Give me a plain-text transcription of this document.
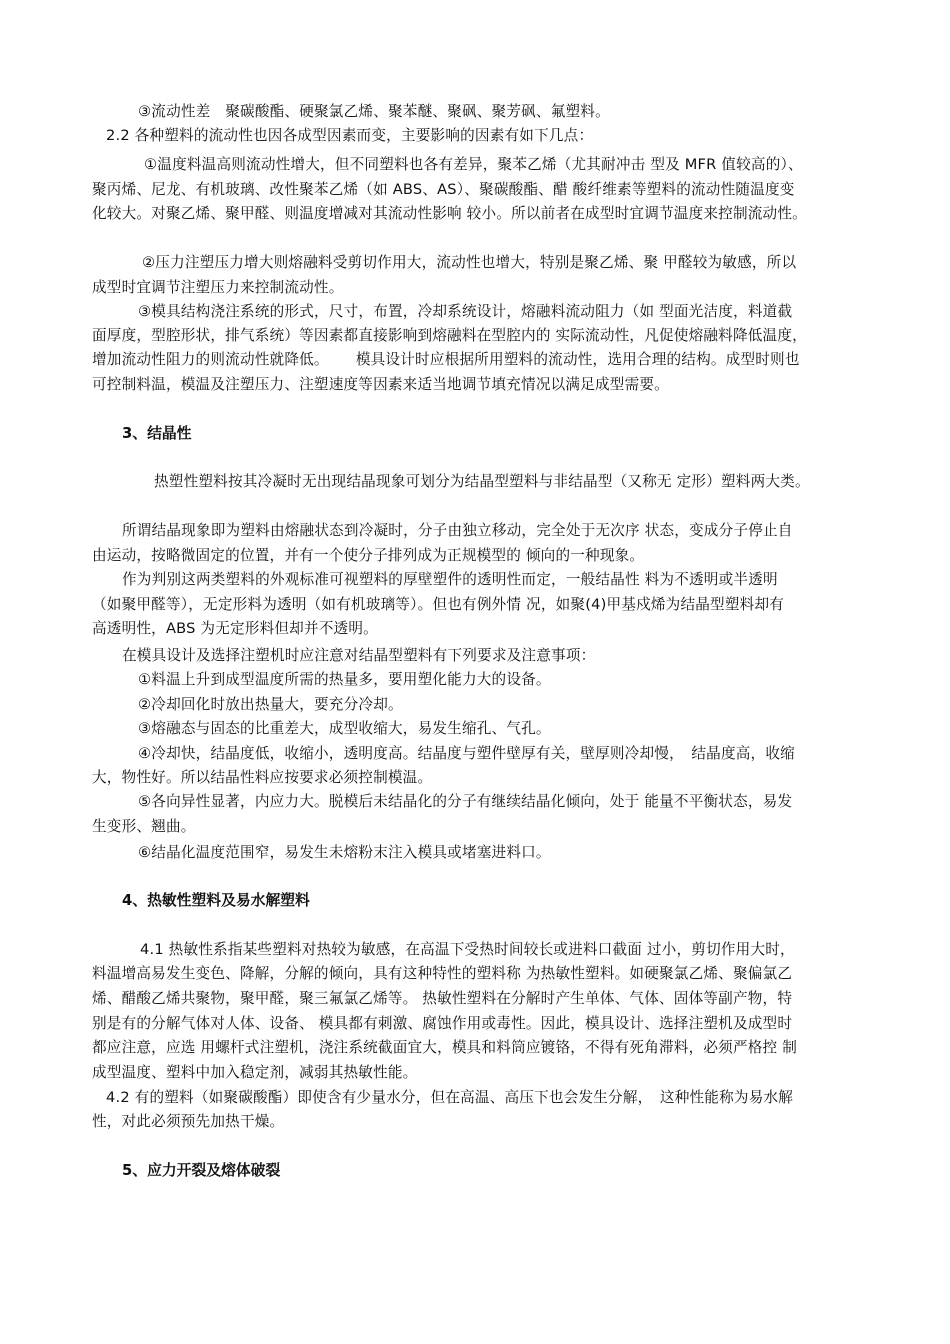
③流动性差　聚碳酸酯、硬聚氯乙烯、聚苯醚、聚砜、聚芳砜、氟塑料。
2.2 各种塑料的流动性也因各成型因素而变，主要影响的因素有如下几点：
①温度料温高则流动性增大，但不同塑料也各有差异，聚苯乙烯（尤其耐冲击 型及 MFR 值较高的）、
聚丙烯、尼龙、有机玻璃、改性聚苯乙烯（如 ABS、AS）、聚碳酸酯、醋 酸纤维素等塑料的流动性随温度变
化较大。对聚乙烯、聚甲醛、则温度增减对其流动性影响 较小。所以前者在成型时宜调节温度来控制流动性。
②压力注塑压力增大则熔融料受剪切作用大，流动性也增大，特别是聚乙烯、聚 甲醛较为敏感，所以
成型时宜调节注塑压力来控制流动性。
③模具结构浇注系统的形式，尺寸，布置，冷却系统设计，熔融料流动阻力（如 型面光洁度，料道截
面厚度，型腔形状，排气系统）等因素都直接影响到熔融料在型腔内的 实际流动性，凡促使熔融料降低温度，
增加流动性阻力的则流动性就降低。　　 模具设计时应根据所用塑料的流动性，选用合理的结构。成型时则也
可控制料温，模温及注塑压力、注塑速度等因素来适当地调节填充情况以满足成型需要。
3、结晶性
热塑性塑料按其冷凝时无出现结晶现象可划分为结晶型塑料与非结晶型（又称无 定形）塑料两大类。
所谓结晶现象即为塑料由熔融状态到冷凝时，分子由独立移动，完全处于无次序 状态，变成分子停止自
由运动，按略微固定的位置，并有一个使分子排列成为正规模型的 倾向的一种现象。
作为判别这两类塑料的外观标准可视塑料的厚壁塑件的透明性而定，一般结晶性 料为不透明或半透明
（如聚甲醛等），无定形料为透明（如有机玻璃等）。但也有例外情 况，如聚(4)甲基戍烯为结晶型塑料却有
高透明性，ABS 为无定形料但却并不透明。
在模具设计及选择注塑机时应注意对结晶型塑料有下列要求及注意事项：
①料温上升到成型温度所需的热量多，要用塑化能力大的设备。
②冷却回化时放出热量大，要充分冷却。
③熔融态与固态的比重差大，成型收缩大，易发生缩孔、气孔。
④冷却快，结晶度低，收缩小，透明度高。结晶度与塑件壁厚有关，壁厚则冷却慢，　结晶度高，收缩
大，物性好。所以结晶性料应按要求必须控制模温。
⑤各向异性显著，内应力大。脱模后未结晶化的分子有继续结晶化倾向，处于 能量不平衡状态，易发
生变形、翘曲。
⑥结晶化温度范围窄，易发生未熔粉末注入模具或堵塞进料口。
4、热敏性塑料及易水解塑料
4.1 热敏性系指某些塑料对热较为敏感，在高温下受热时间较长或进料口截面 过小，剪切作用大时，
料温增高易发生变色、降解，分解的倾向，具有这种特性的塑料称 为热敏性塑料。如硬聚氯乙烯、聚偏氯乙
烯、醋酸乙烯共聚物，聚甲醛，聚三氟氯乙烯等。 热敏性塑料在分解时产生单体、气体、固体等副产物，特
别是有的分解气体对人体、设备、 模具都有刺激、腐蚀作用或毒性。因此，模具设计、选择注塑机及成型时
都应注意，应选 用螺杆式注塑机，浇注系统截面宜大，模具和料筒应镀铬，不得有死角滞料，必须严格控 制
成型温度、塑料中加入稳定剂，减弱其热敏性能。
4.2 有的塑料（如聚碳酸酯）即使含有少量水分，但在高温、高压下也会发生分解，　这种性能称为易水解
性，对此必须预先加热干燥。
5、应力开裂及熔体破裂
